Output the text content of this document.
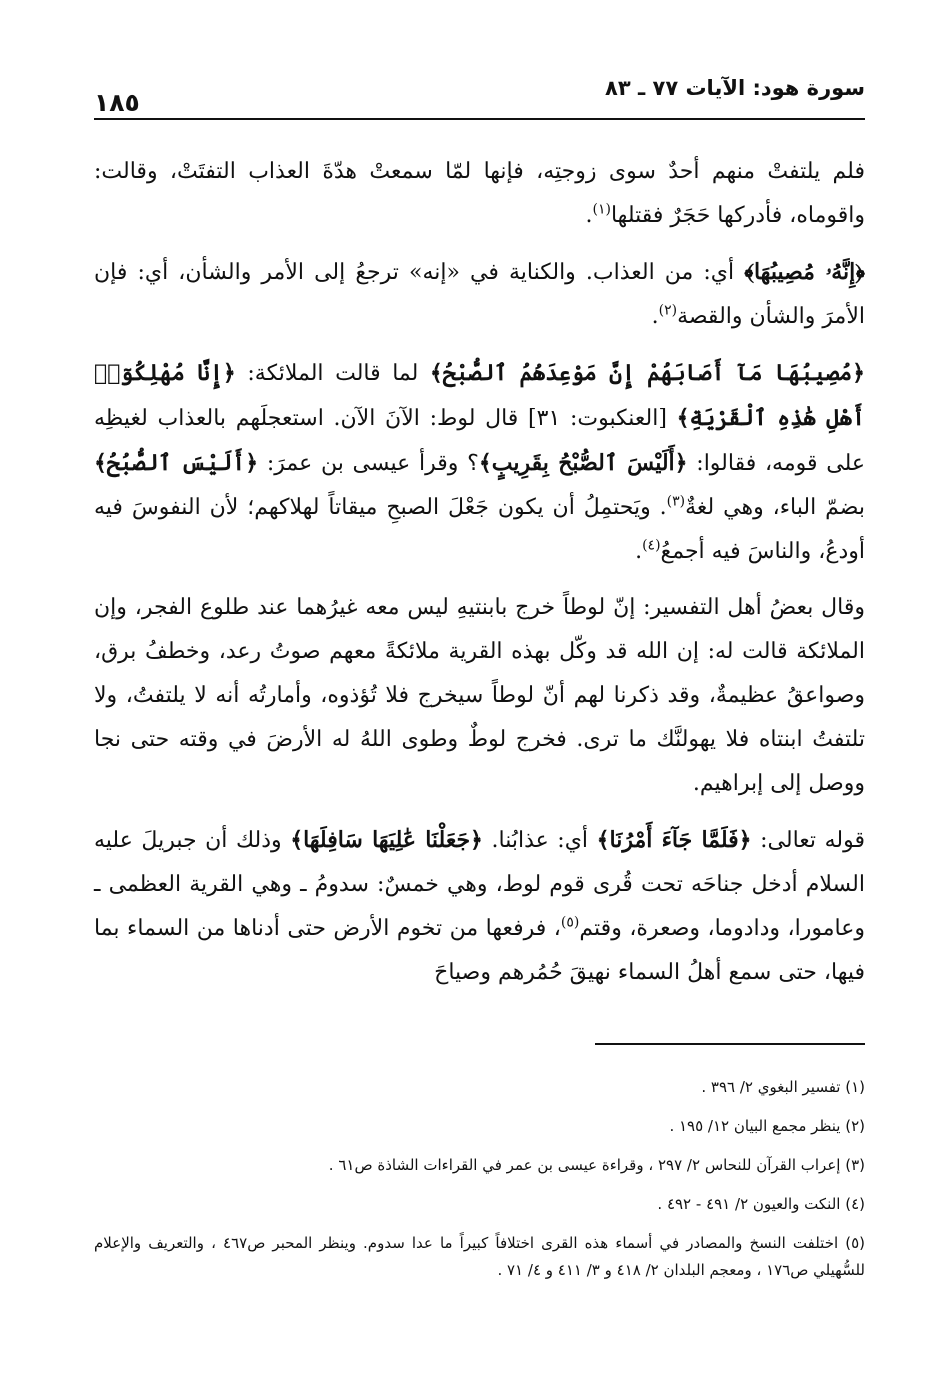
سورة هود: الآيات ٧٧ ـ ٨٣
١٨٥

فلم يلتفتْ منهم أحدٌ سوى زوجتِه، فإنها لمّا سمعتْ هدّةَ العذاب التفتَتْ، وقالت: واقوماه، فأدركها حَجَرٌ فقتلها$^{(١)}$.

﴿إِنَّهُۥ مُصِيبُهَا﴾ أي: من العذاب. والكناية في «إنه» ترجعُ إلى الأمر والشأن، أي: فإن الأمرَ والشأن والقصة$^{(٢)}$.

﴿مُصِيبُهَا مَآ أَصَابَهُمْ إِنَّ مَوْعِدَهُمُ ٱلصُّبْحُ﴾ لما قالت الملائكة: ﴿إِنَّا مُهْلِكُوٓا۟ أَهْلِ هَٰذِهِ ٱلْقَرْيَةِ﴾ [العنكبوت: ٣١] قال لوط: الآنَ الآن. استعجلَهم بالعذاب لغيظِه على قومه، فقالوا: ﴿أَلَيْسَ ٱلصُّبْحُ بِقَرِيبٍ﴾؟ وقرأ عيسى بن عمرَ: ﴿أَلَيْسَ ٱلصُّبُحُ﴾ بضمّ الباء، وهي لغةٌ$^{(٣)}$. ويَحتمِلُ أن يكون جَعْلَ الصبحِ ميقاتاً لهلاكهم؛ لأن النفوسَ فيه أودعُ، والناسَ فيه أجمعُ$^{(٤)}$.

وقال بعضُ أهل التفسير: إنّ لوطاً خرج بابنتيهِ ليس معه غيرُهما عند طلوع الفجر، وإن الملائكة قالت له: إن الله قد وكّل بهذه القرية ملائكةً معهم صوتُ رعد، وخطفُ برق، وصواعقُ عظيمةٌ، وقد ذكرنا لهم أنّ لوطاً سيخرج فلا تُؤذوه، وأمارتُه أنه لا يلتفتُ، ولا تلتفتُ ابنتاه فلا يهولنَّك ما ترى. فخرج لوطٌ وطوى اللهُ له الأرضَ في وقته حتى نجا ووصل إلى إبراهيم.

قوله تعالى: ﴿فَلَمَّا جَآءَ أَمْرُنَا﴾ أي: عذابُنا. ﴿جَعَلْنَا عَٰلِيَهَا سَافِلَهَا﴾ وذلك أن جبريلَ عليه السلام أدخل جناحَه تحت قُرى قوم لوط، وهي خمسٌ: سدومُ ـ وهي القرية العظمى ـ وعامورا، ودادوما، وصعرة، وقتم$^{(٥)}$، فرفعها من تخوم الأرض حتى أدناها من السماء بما فيها، حتى سمع أهلُ السماء نهيقَ حُمُرهم وصياحَ

(١) تفسير البغوي ٢/ ٣٩٦ .
(٢) ينظر مجمع البيان ١٢/ ١٩٥ .
(٣) إعراب القرآن للنحاس ٢/ ٢٩٧ ، وقراءة عيسى بن عمر في القراءات الشاذة ص٦١ .
(٤) النكت والعيون ٢/ ٤٩١ - ٤٩٢ .
(٥) اختلفت النسخ والمصادر في أسماء هذه القرى اختلافاً كبيراً ما عدا سدوم. وينظر المحبر ص٤٦٧ ، والتعريف والإعلام للسُّهيلي ص١٧٦ ، ومعجم البلدان ٢/ ٤١٨ و ٣/ ٤١١ و ٤/ ٧١ .
